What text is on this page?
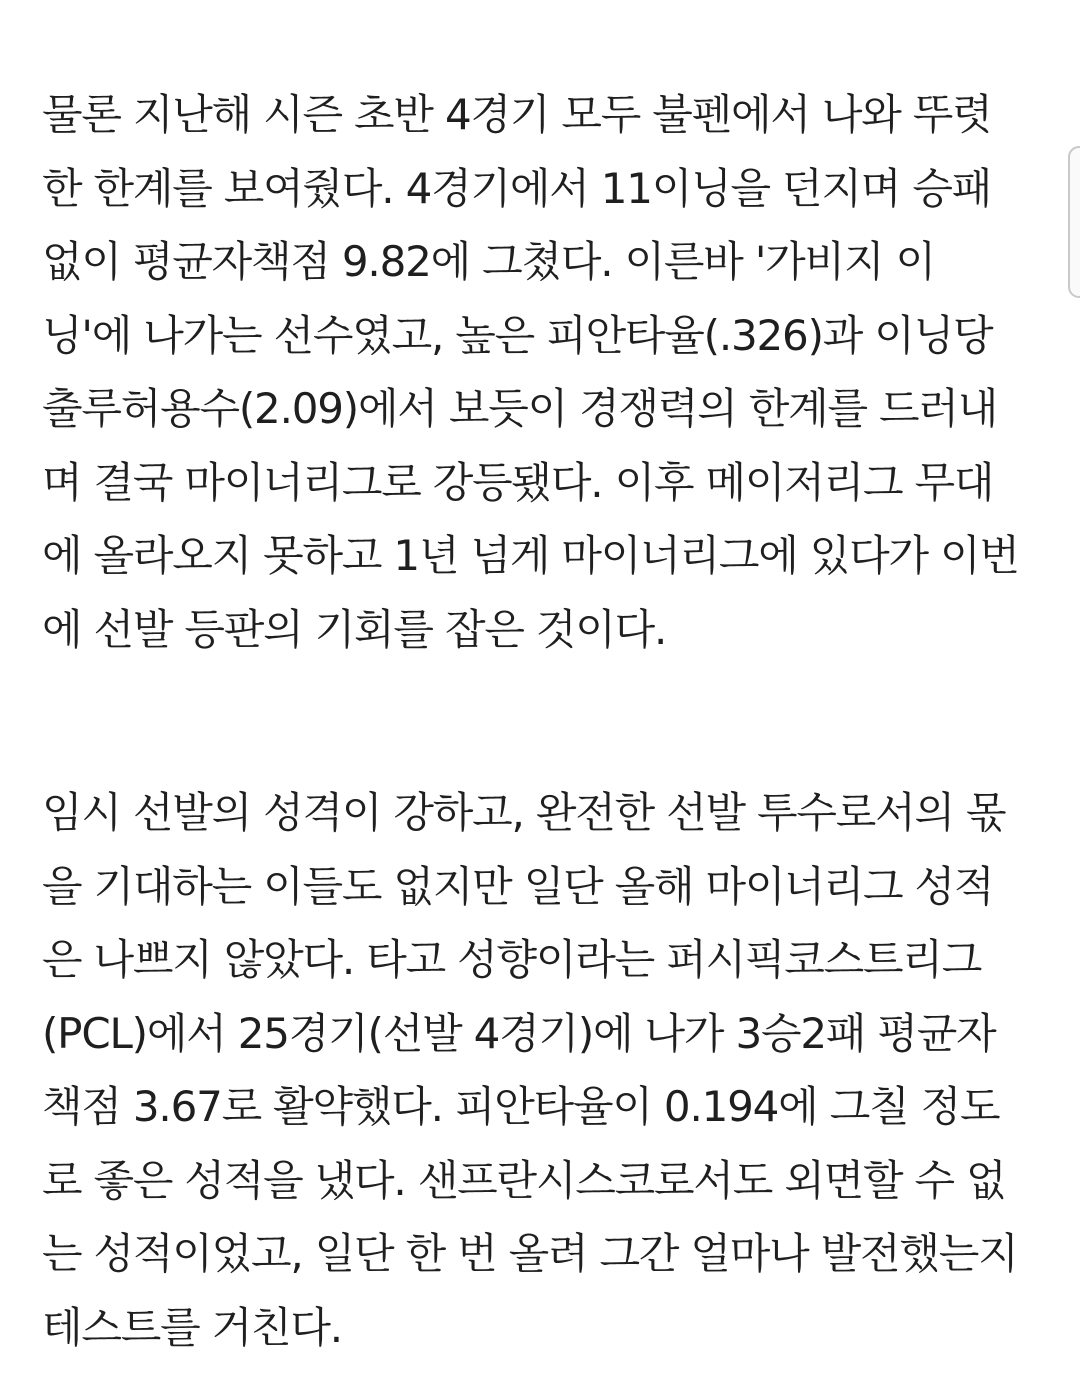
물론 지난해 시즌 초반 4경기 모두 불펜에서 나와 뚜렷
한 한계를 보여줬다. 4경기에서 11이닝을 던지며 승패
없이 평균자책점 9.82에 그쳤다. 이른바 '가비지 이
닝'에 나가는 선수였고, 높은 피안타율(.326)과 이닝당
출루허용수(2.09)에서 보듯이 경쟁력의 한계를 드러내
며 결국 마이너리그로 강등됐다. 이후 메이저리그 무대
에 올라오지 못하고 1년 넘게 마이너리그에 있다가 이번
에 선발 등판의 기회를 잡은 것이다.

임시 선발의 성격이 강하고, 완전한 선발 투수로서의 몫
을 기대하는 이들도 없지만 일단 올해 마이너리그 성적
은 나쁘지 않았다. 타고 성향이라는 퍼시픽코스트리그
(PCL)에서 25경기(선발 4경기)에 나가 3승2패 평균자
책점 3.67로 활약했다. 피안타율이 0.194에 그칠 정도
로 좋은 성적을 냈다. 샌프란시스코로서도 외면할 수 없
는 성적이었고, 일단 한 번 올려 그간 얼마나 발전했는지
테스트를 거친다.
